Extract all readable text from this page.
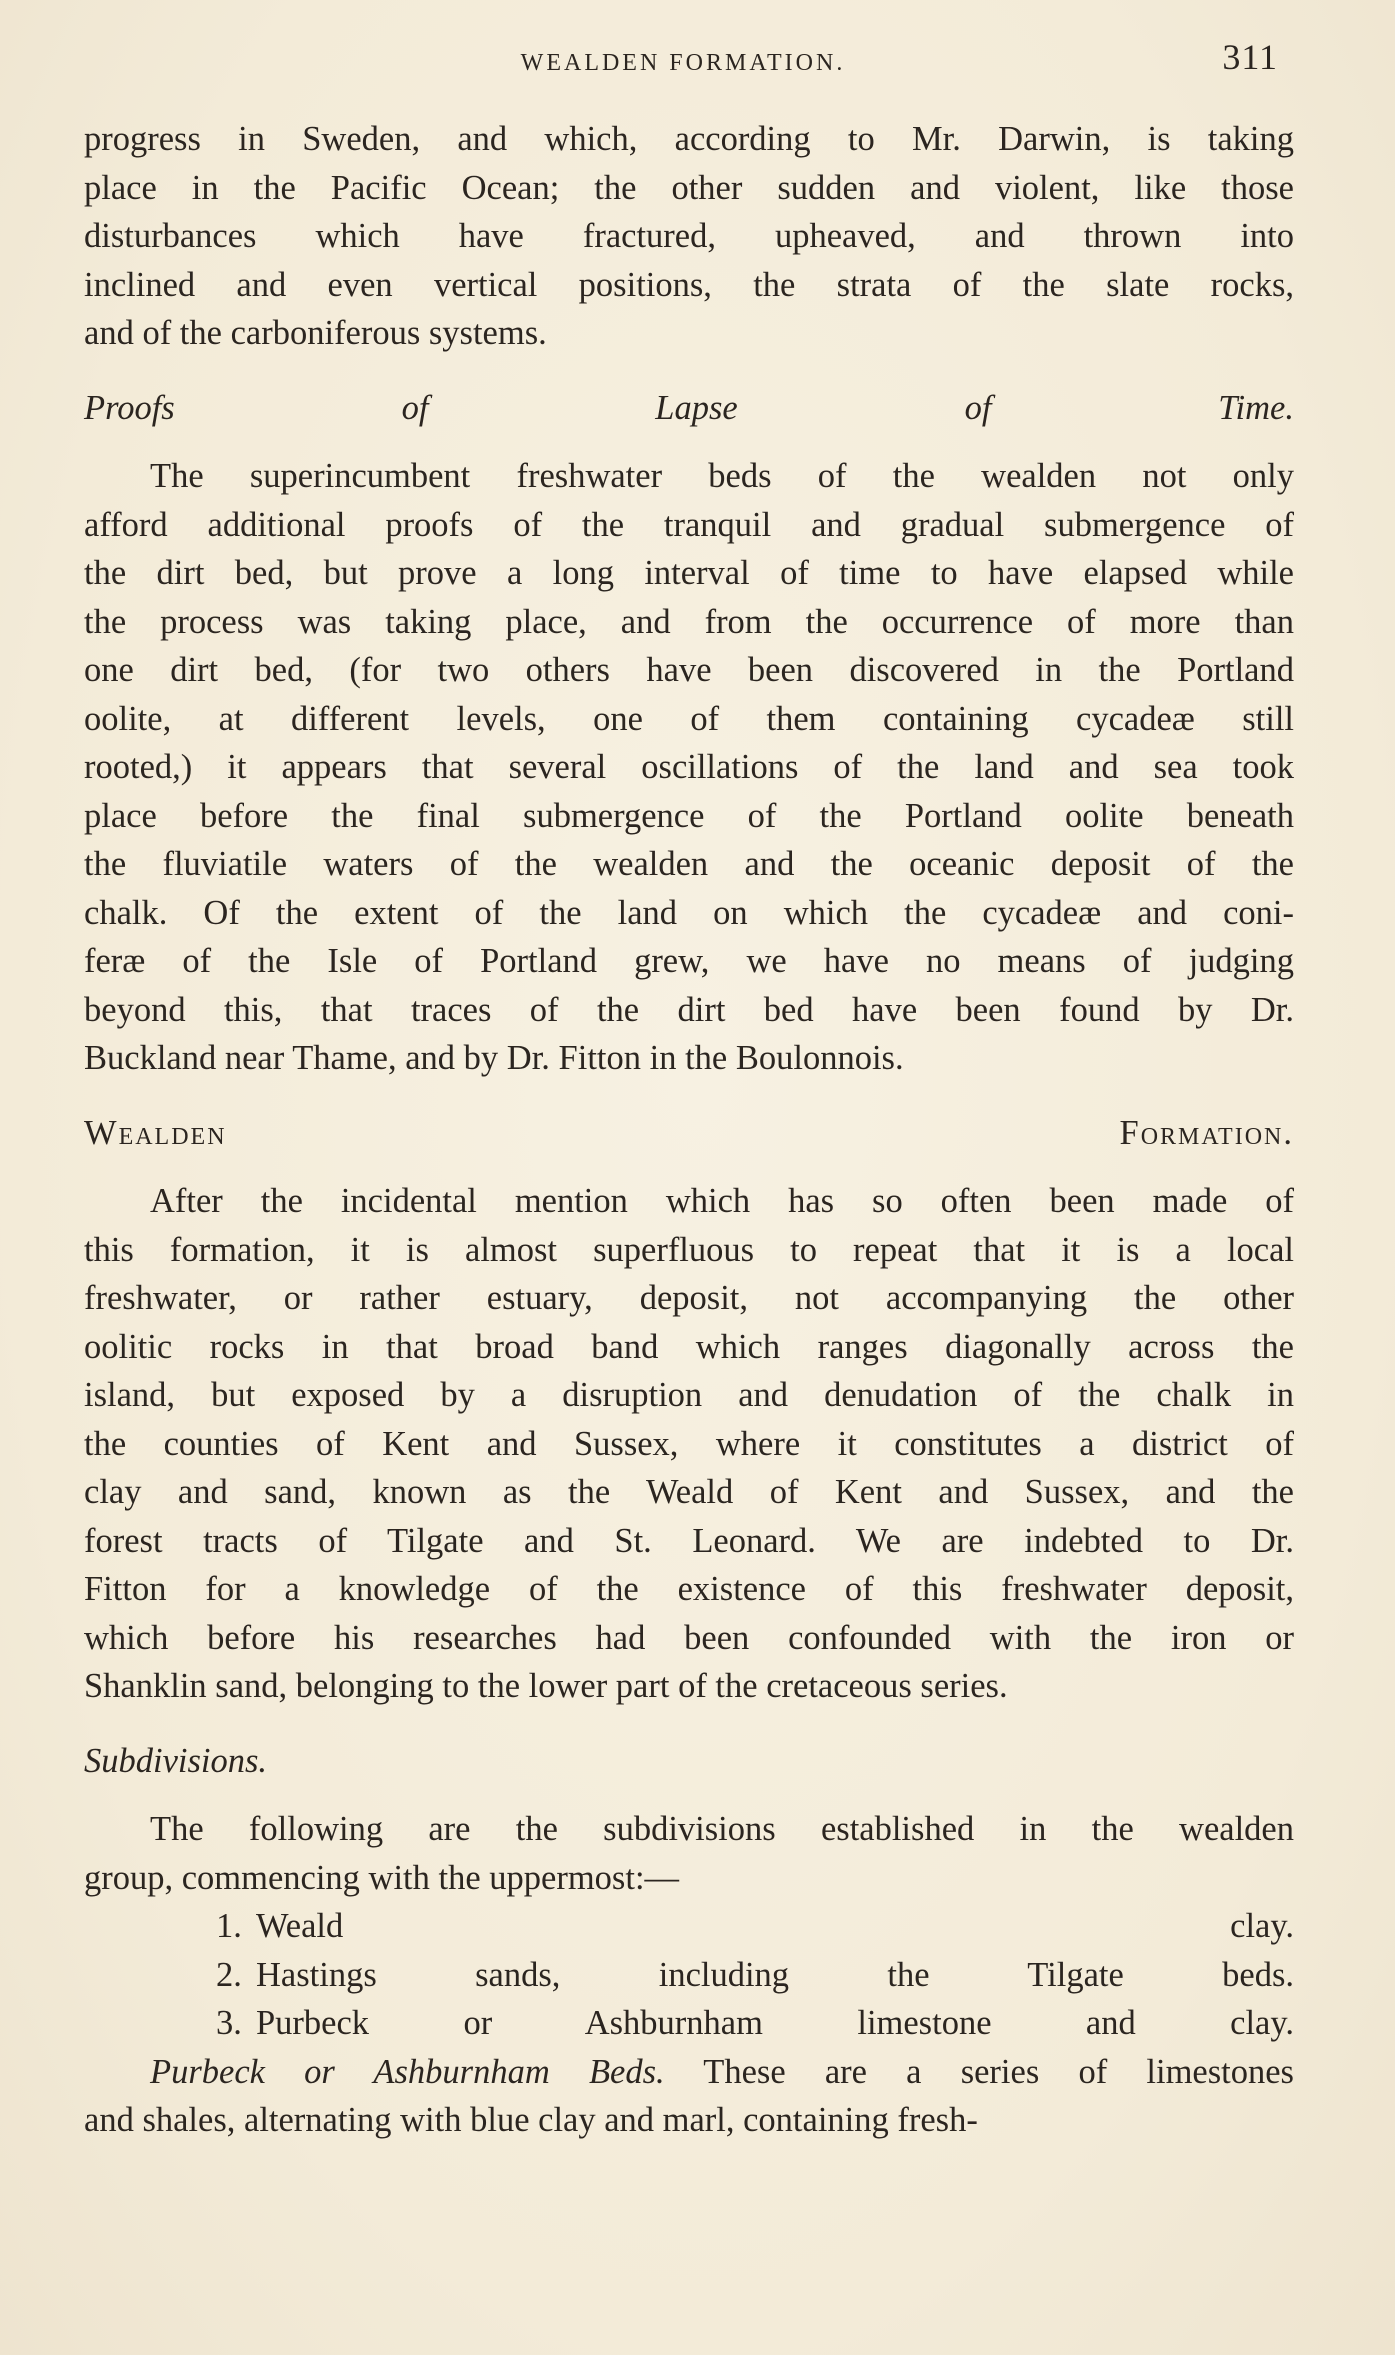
WEALDEN FORMATION.	311

progress in Sweden, and which, according to Mr. Darwin, is taking

place in the Pacific Ocean; the other sudden and violent, like those

disturbances which have fractured, upheaved, and thrown into

inclined and even vertical positions, the strata of the slate rocks,

and of the carboniferous systems.

Proofs of Lapse of Time.

The superincumbent freshwater beds of the wealden not only

afford additional proofs of the tranquil and gradual submergence of

the dirt bed, but prove a long interval of time to have elapsed while

the process was taking place, and from the occurrence of more than

one dirt bed, (for two others have been discovered in the Portland

oolite, at different levels, one of them containing cycadeæ still

rooted,) it appears that several oscillations of the land and sea took

place before the final submergence of the Portland oolite beneath

the fluviatile waters of the wealden and the oceanic deposit of the

chalk. Of the extent of the land on which the cycadeæ and coni-

feræ of the Isle of Portland grew, we have no means of judging

beyond this, that traces of the dirt bed have been found by Dr.

Buckland near Thame, and by Dr. Fitton in the Boulonnois.

Wealden Formation.

After the incidental mention which has so often been made of

this formation, it is almost superfluous to repeat that it is a local

freshwater, or rather estuary, deposit, not accompanying the other

oolitic rocks in that broad band which ranges diagonally across the

island, but exposed by a disruption and denudation of the chalk in

the counties of Kent and Sussex, where it constitutes a district of

clay and sand, known as the Weald of Kent and Sussex, and the

forest tracts of Tilgate and St. Leonard. We are indebted to Dr.

Fitton for a knowledge of the existence of this freshwater deposit,

which before his researches had been confounded with the iron or

Shanklin sand, belonging to the lower part of the cretaceous series.

Subdivisions.

The following are the subdivisions established in the wealden

group, commencing with the uppermost:—

1. Weald clay.

2. Hastings sands, including the Tilgate beds.

3. Purbeck or Ashburnham limestone and clay.

Purbeck or Ashburnham Beds. These are a series of limestones

and shales, alternating with blue clay and marl, containing fresh-
